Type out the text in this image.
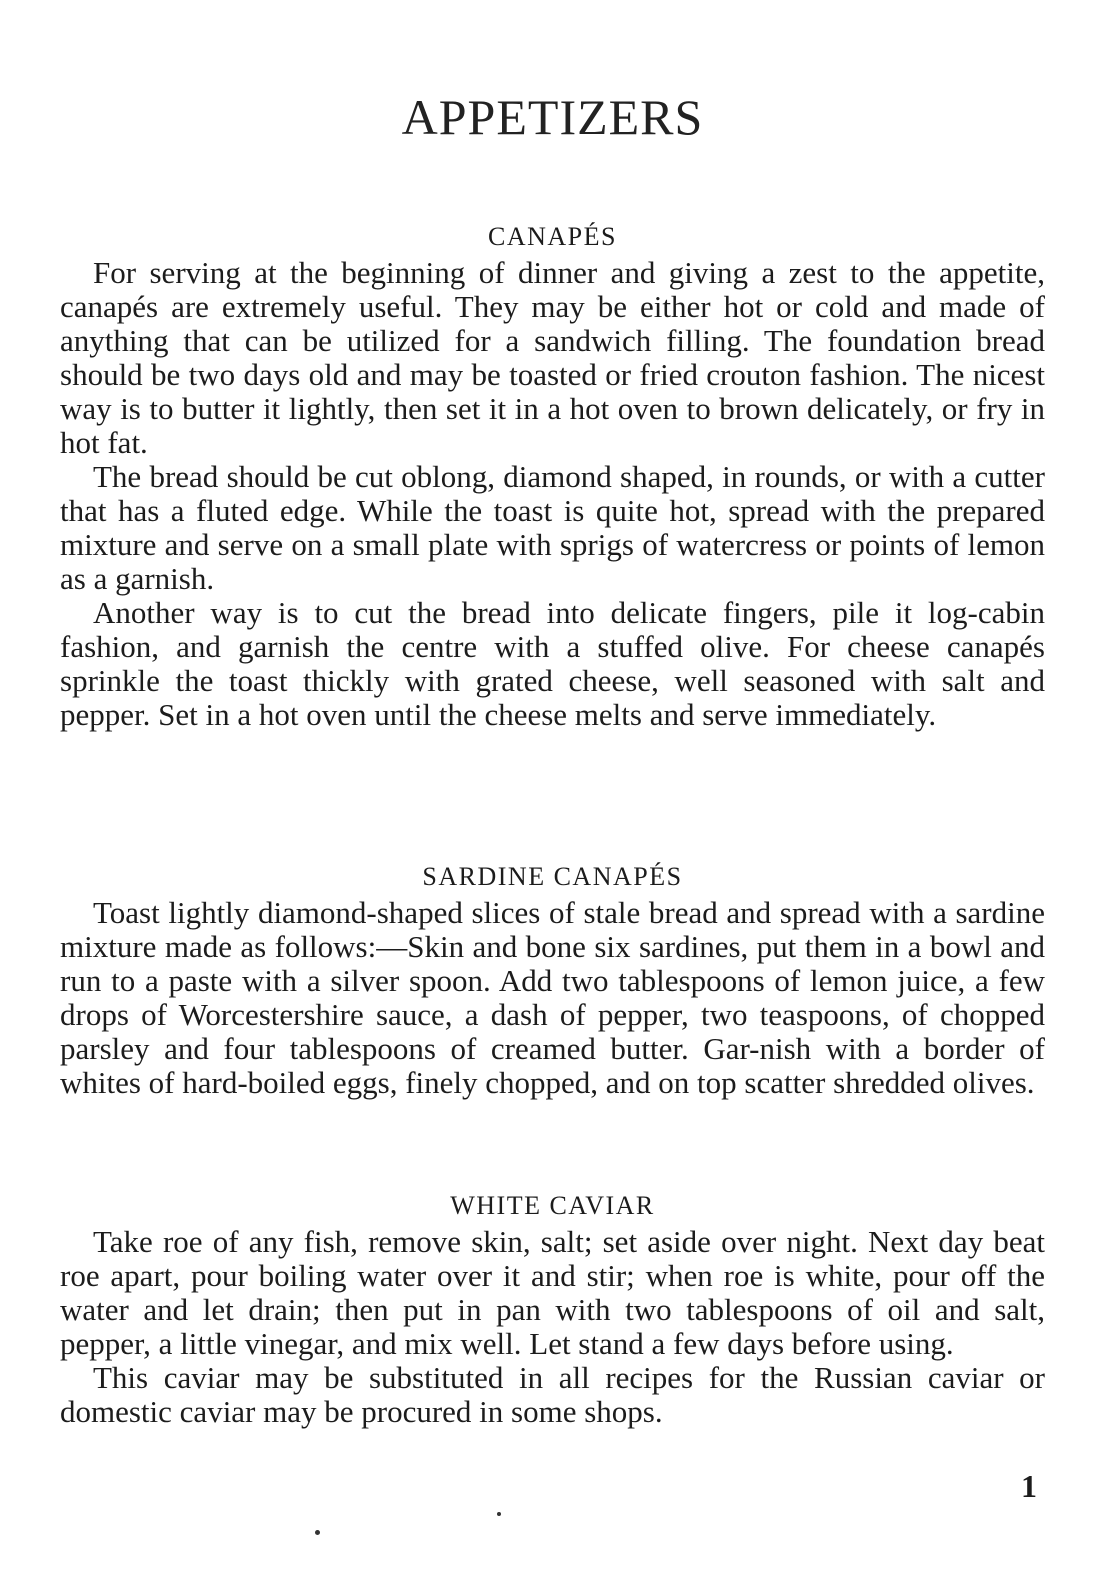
APPETIZERS
CANAPÉS

For serving at the beginning of dinner and giving a zest to the appetite, canapés are extremely useful. They may be either hot or cold and made of anything that can be utilized for a sandwich filling. The foundation bread should be two days old and may be toasted or fried crouton fashion. The nicest way is to butter it lightly, then set it in a hot oven to brown delicately, or fry in hot fat.

The bread should be cut oblong, diamond shaped, in rounds, or with a cutter that has a fluted edge. While the toast is quite hot, spread with the prepared mixture and serve on a small plate with sprigs of watercress or points of lemon as a garnish.

Another way is to cut the bread into delicate fingers, pile it log-cabin fashion, and garnish the centre with a stuffed olive. For cheese canapés sprinkle the toast thickly with grated cheese, well seasoned with salt and pepper. Set in a hot oven until the cheese melts and serve immediately.

SARDINE CANAPÉS

Toast lightly diamond-shaped slices of stale bread and spread with a sardine mixture made as follows:—Skin and bone six sardines, put them in a bowl and run to a paste with a silver spoon. Add two tablespoons of lemon juice, a few drops of Worcestershire sauce, a dash of pepper, two teaspoons, of chopped parsley and four tablespoons of creamed butter. Gar-nish with a border of whites of hard-boiled eggs, finely chopped, and on top scatter shredded olives.

WHITE CAVIAR

Take roe of any fish, remove skin, salt; set aside over night. Next day beat roe apart, pour boiling water over it and stir; when roe is white, pour off the water and let drain; then put in pan with two tablespoons of oil and salt, pepper, a little vinegar, and mix well. Let stand a few days before using.

This caviar may be substituted in all recipes for the Russian caviar or domestic caviar may be procured in some shops.

1
